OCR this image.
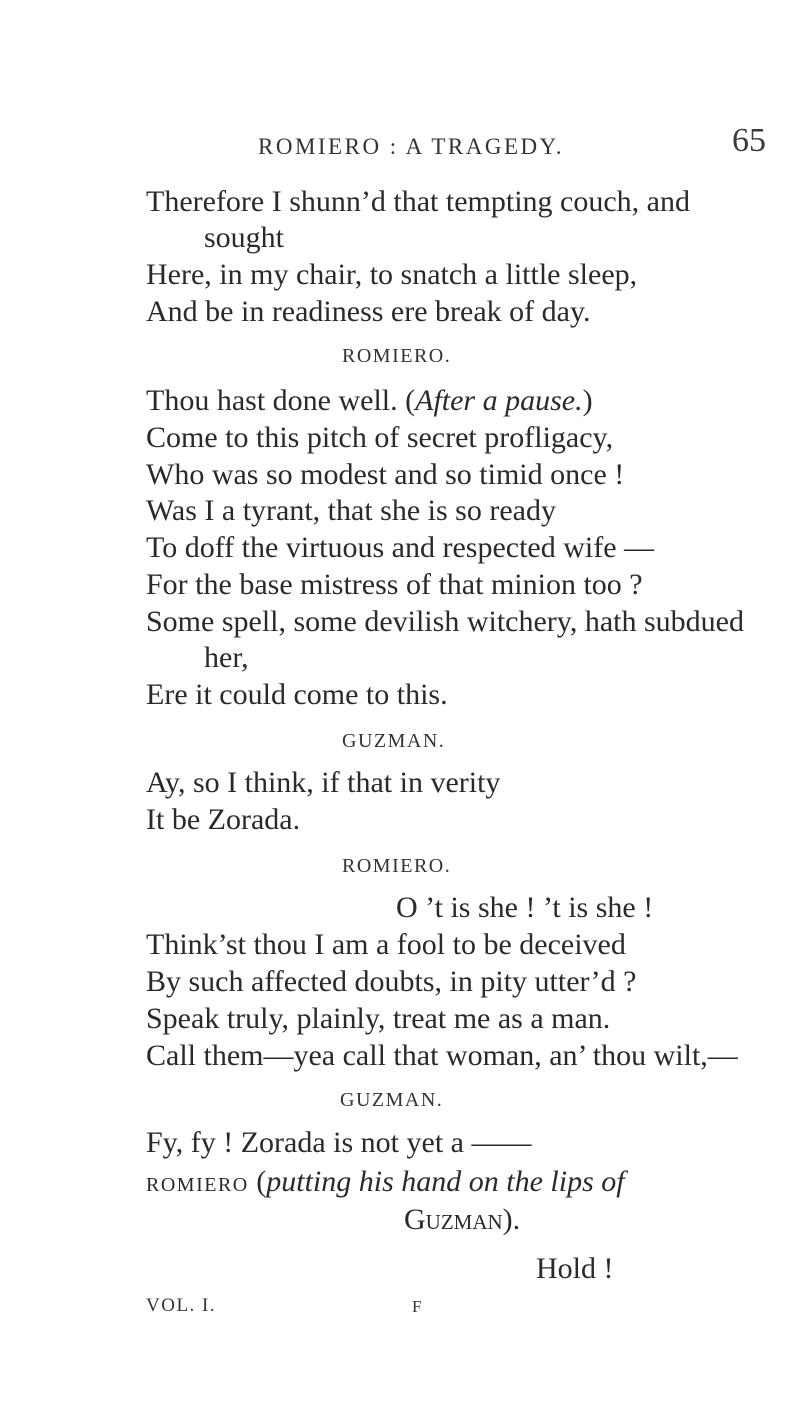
ROMIERO : A TRAGEDY.	65
Therefore I shunn’d that tempting couch, and
sought
Here, in my chair, to snatch a little sleep,
And be in readiness ere break of day.
ROMIERO.
Thou hast done well. (After a pause.)
Come to this pitch of secret profligacy,
Who was so modest and so timid once !
Was I a tyrant, that she is so ready
To doff the virtuous and respected wife —
For the base mistress of that minion too ?
Some spell, some devilish witchery, hath subdued
her,
Ere it could come to this.
GUZMAN.
Ay, so I think, if that in verity
It be Zorada.
ROMIERO.
O ’t is she ! ’t is she !
Think’st thou I am a fool to be deceived
By such affected doubts, in pity utter’d ?
Speak truly, plainly, treat me as a man.
Call them—yea call that woman, an’ thou wilt,—
GUZMAN.
Fy, fy ! Zorada is not yet a ——
ROMIERO (putting his hand on the lips of
Guzman).
Hold !
VOL. I.	F
